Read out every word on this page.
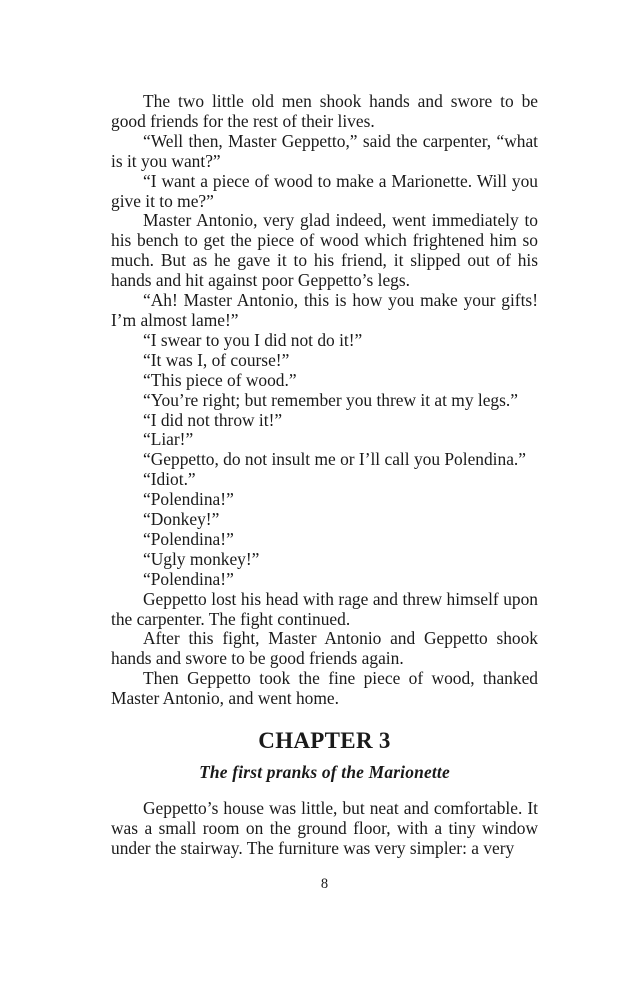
The two little old men shook hands and swore to be good friends for the rest of their lives.

“Well then, Master Geppetto,” said the carpenter, “what is it you want?”

“I want a piece of wood to make a Marionette. Will you give it to me?”

Master Antonio, very glad indeed, went immediately to his bench to get the piece of wood which frightened him so much. But as he gave it to his friend, it slipped out of his hands and hit against poor Geppetto’s legs.

“Ah! Master Antonio, this is how you make your gifts! I’m almost lame!”

“I swear to you I did not do it!”

“It was I, of course!”

“This piece of wood.”

“You’re right; but remember you threw it at my legs.”

“I did not throw it!”

“Liar!”

“Geppetto, do not insult me or I’ll call you Polendina.”

“Idiot.”

“Polendina!”

“Donkey!”

“Polendina!”

“Ugly monkey!”

“Polendina!”

Geppetto lost his head with rage and threw himself upon the carpenter. The fight continued.

After this fight, Master Antonio and Geppetto shook hands and swore to be good friends again.

Then Geppetto took the fine piece of wood, thanked Master Antonio, and went home.

CHAPTER 3

The first pranks of the Marionette

Geppetto’s house was little, but neat and comfortable. It was a small room on the ground floor, with a tiny window under the stairway. The furniture was very simpler: a very

8
